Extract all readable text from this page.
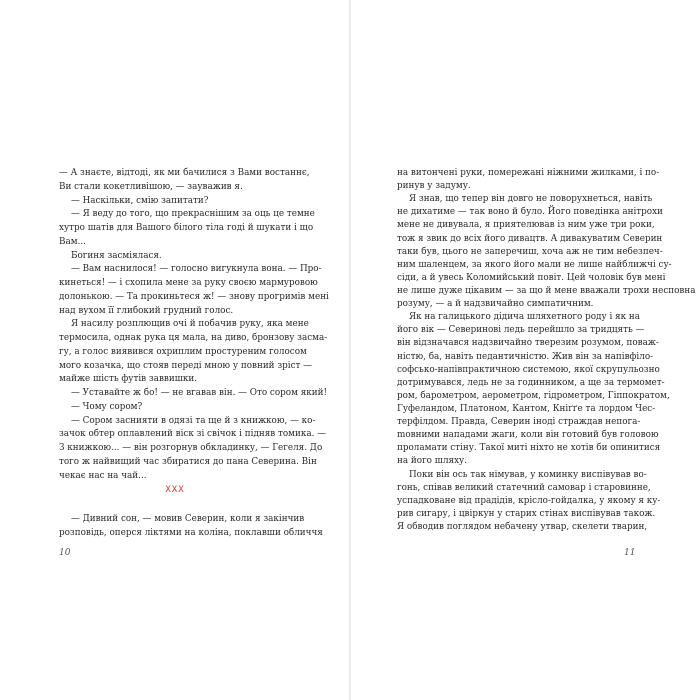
10	11
— А знаєте, відтоді, як ми бачилися з Вами востаннє,
Ви стали кокетливішою, — зауважив я.
— Наскільки, смію запитати?
— Я веду до того, що прекраснішим за оць це темне
хутро шатів для Вашого білого тіла годі й шукати і що
Вам...
Богиня засміялася.
— Вам наснилося! — голосно вигукнула вона. — Про-
кинеться! — і схопила мене за руку своєю мармуровою
долонькою. — Та прокиньтеся ж! — знову прогримів мені
над вухом її глибокий грудний голос.
Я насилу розплющив очі й побачив руку, яка мене
термосила, однак рука ця мала, на диво, бронзову засма-
гу, а голос виявився охриплим простуреним голосом
мого козачка, що стояв переді мною у повний зріст —
майже шість футів заввишки.
— Уставайте ж бо! — не вгавав він. — Ото сором який!
— Чому сором?
— Сором заснияти в одязі та ще й з книжкою, — ко-
зачок обтер оплавлений віск зі свічок і підняв томика. —
З книжкою... — він розгорнув обкладинку, — Гегеля. До
того ж найвищий час збиратися до пана Северина. Він
чекає нас на чай...
— Дивний сон, — мовив Северин, коли я закінчив
розповідь, оперся ліктями на коліна, поклавши обличчя
XXX
на витончені руки, помережані ніжними жилками, і по-
ринув у задуму.
Я знав, що тепер він довго не поворухнеться, навіть
не дихатиме — так воно й було. Його поведінка анітрохи
мене не дивувала, я приятелював із ним уже три роки,
тож я звик до всіх його дивацтв. А дивакуватим Северин
таки був, цього не заперечиш, хоча аж не тим небезпеч-
ним шаленцем, за якого його мали не лише найближчі су-
сіди, а й увесь Коломийський повіт. Цей чоловік був мені
не лише дуже цікавим — за що й мене вважали трохи несповна
розуму, — а й надзвичайно симпатичним.
Як на галицького дідича шляхетного роду і як на
його вік — Северинові ледь перейшло за тридцять —
він відзначався надзвичайно тверезим розумом, поваж-
ністю, ба, навіть педантичністю. Жив він за напівфіло-
софсько-напівпрактичною системою, якої скрупульозно
дотримувався, ледь не за годинником, а ще за термомет-
ром, барометром, аерометром, гідрометром, Гіппократом,
Гуфеландом, Платоном, Кантом, Кніґґе та лордом Чес-
терфілдом. Правда, Северин іноді страждав непога-
mовними нападами жаги, коли він готовий був головою
проламати стіну. Такої миті ніхто не хотів би опинитися
на його шляху.
Поки він ось так німував, у коминку виспівував во-
гонь, співав великий статечний самовар і старовинне,
успадковане від прадідів, крісло-гойдалка, у якому я ку-
рив сигару, і цвіркун у старих стінах виспівував також.
Я обводив поглядом небачену утвар, скелети тварин,
